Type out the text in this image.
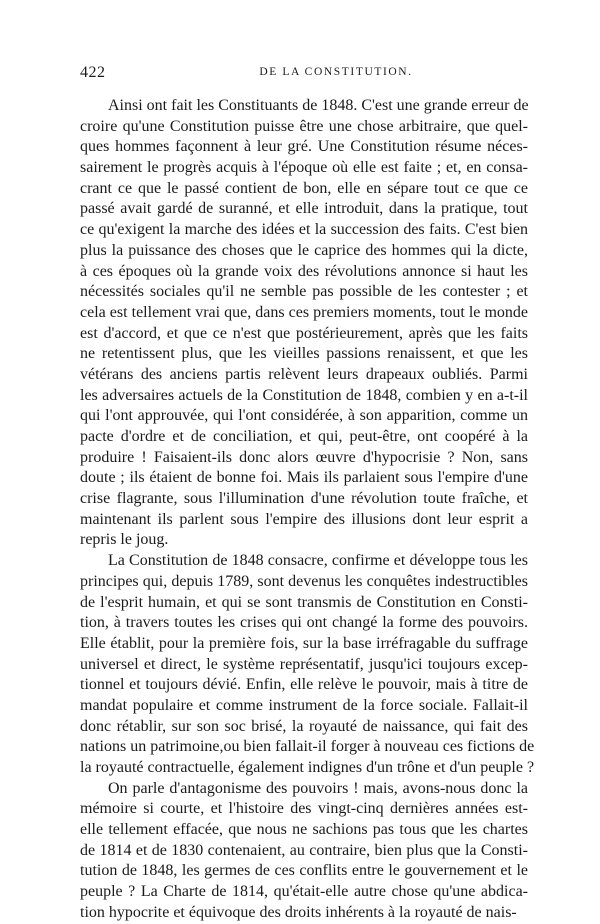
422	DE LA CONSTITUTION.
Ainsi ont fait les Constituants de 1848. C'est une grande erreur de
croire qu'une Constitution puisse être une chose arbitraire, que quel-
ques hommes façonnent à leur gré. Une Constitution résume néces-
sairement le progrès acquis à l'époque où elle est faite ; et, en consa-
crant ce que le passé contient de bon, elle en sépare tout ce que ce
passé avait gardé de suranné, et elle introduit, dans la pratique, tout
ce qu'exigent la marche des idées et la succession des faits. C'est bien
plus la puissance des choses que le caprice des hommes qui la dicte,
à ces époques où la grande voix des révolutions annonce si haut les
nécessités sociales qu'il ne semble pas possible de les contester ; et
cela est tellement vrai que, dans ces premiers moments, tout le monde
est d'accord, et que ce n'est que postérieurement, après que les faits
ne retentissent plus, que les vieilles passions renaissent, et que les
vétérans des anciens partis relèvent leurs drapeaux oubliés. Parmi
les adversaires actuels de la Constitution de 1848, combien y en a-t-il
qui l'ont approuvée, qui l'ont considérée, à son apparition, comme un
pacte d'ordre et de conciliation, et qui, peut-être, ont coopéré à la
produire ! Faisaient-ils donc alors œuvre d'hypocrisie ? Non, sans
doute ; ils étaient de bonne foi. Mais ils parlaient sous l'empire d'une
crise flagrante, sous l'illumination d'une révolution toute fraîche, et
maintenant ils parlent sous l'empire des illusions dont leur esprit a
repris le joug.
La Constitution de 1848 consacre, confirme et développe tous les
principes qui, depuis 1789, sont devenus les conquêtes indestructibles
de l'esprit humain, et qui se sont transmis de Constitution en Consti-
tion, à travers toutes les crises qui ont changé la forme des pouvoirs.
Elle établit, pour la première fois, sur la base irréfragable du suffrage
universel et direct, le système représentatif, jusqu'ici toujours excep-
tionnel et toujours dévié. Enfin, elle relève le pouvoir, mais à titre de
mandat populaire et comme instrument de la force sociale. Fallait-il
donc rétablir, sur son soc brisé, la royauté de naissance, qui fait des
nations un patrimoine,ou bien fallait-il forger à nouveau ces fictions de
la royauté contractuelle, également indignes d'un trône et d'un peuple ?
On parle d'antagonisme des pouvoirs ! mais, avons-nous donc la
mémoire si courte, et l'histoire des vingt-cinq dernières années est-
elle tellement effacée, que nous ne sachions pas tous que les chartes
de 1814 et de 1830 contenaient, au contraire, bien plus que la Consti-
tution de 1848, les germes de ces conflits entre le gouvernement et le
peuple ? La Charte de 1814, qu'était-elle autre chose qu'une abdica-
tion hypocrite et équivoque des droits inhérents à la royauté de nais-
